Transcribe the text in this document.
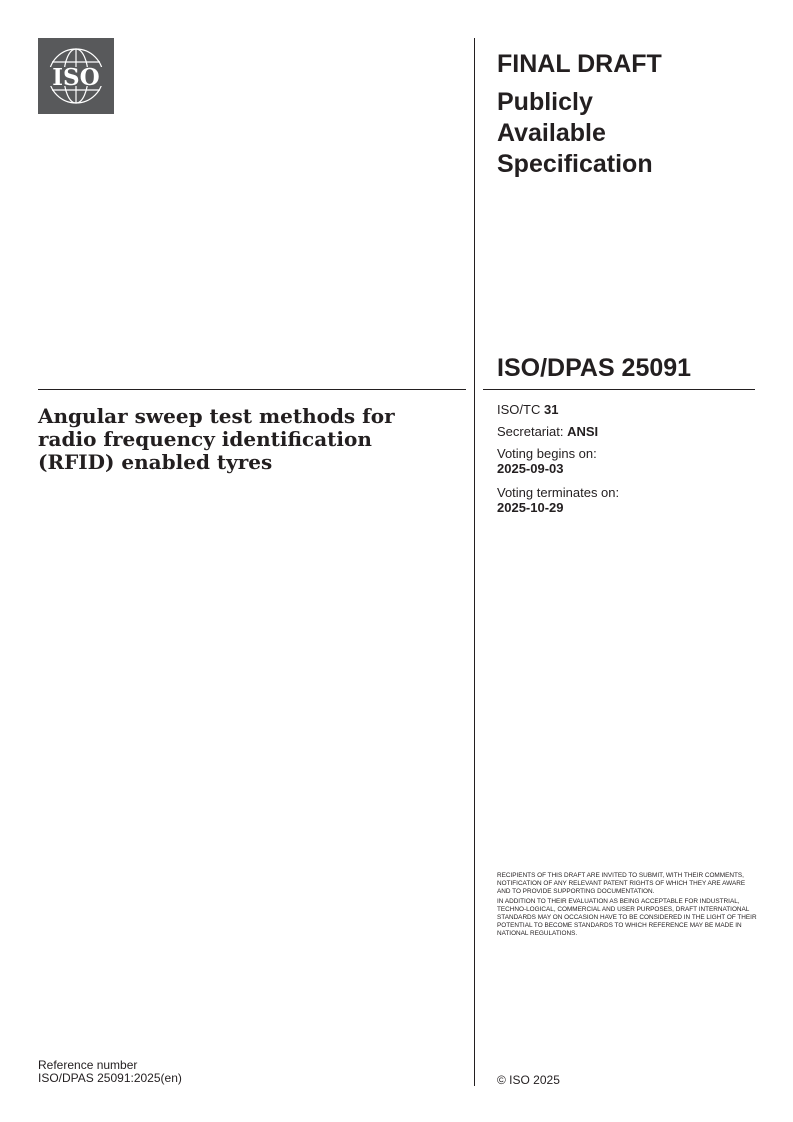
ISO	FINAL DRAFT
Publicly
Available
Specification
ISO/DPAS 25091
Angular sweep test methods for
radio frequency identification
(RFID) enabled tyres
ISO/TC 31
Secretariat: ANSI
Voting begins on:
2025-09-03
Voting terminates on:
2025-10-29

RECIPIENTS OF THIS DRAFT ARE INVITED TO SUBMIT, WITH THEIR COMMENTS, NOTIFICATION OF ANY RELEVANT PATENT RIGHTS OF WHICH THEY ARE AWARE AND TO PROVIDE SUPPORTING DOCUMENTATION.

IN ADDITION TO THEIR EVALUATION AS BEING ACCEPTABLE FOR INDUSTRIAL, TECHNO-LOGICAL, COMMERCIAL AND USER PURPOSES, DRAFT INTERNATIONAL STANDARDS MAY ON OCCASION HAVE TO BE CONSIDERED IN THE LIGHT OF THEIR POTENTIAL TO BECOME STANDARDS TO WHICH REFERENCE MAY BE MADE IN NATIONAL REGULATIONS.

Reference number
ISO/DPAS 25091:2025(en)	© ISO 2025
